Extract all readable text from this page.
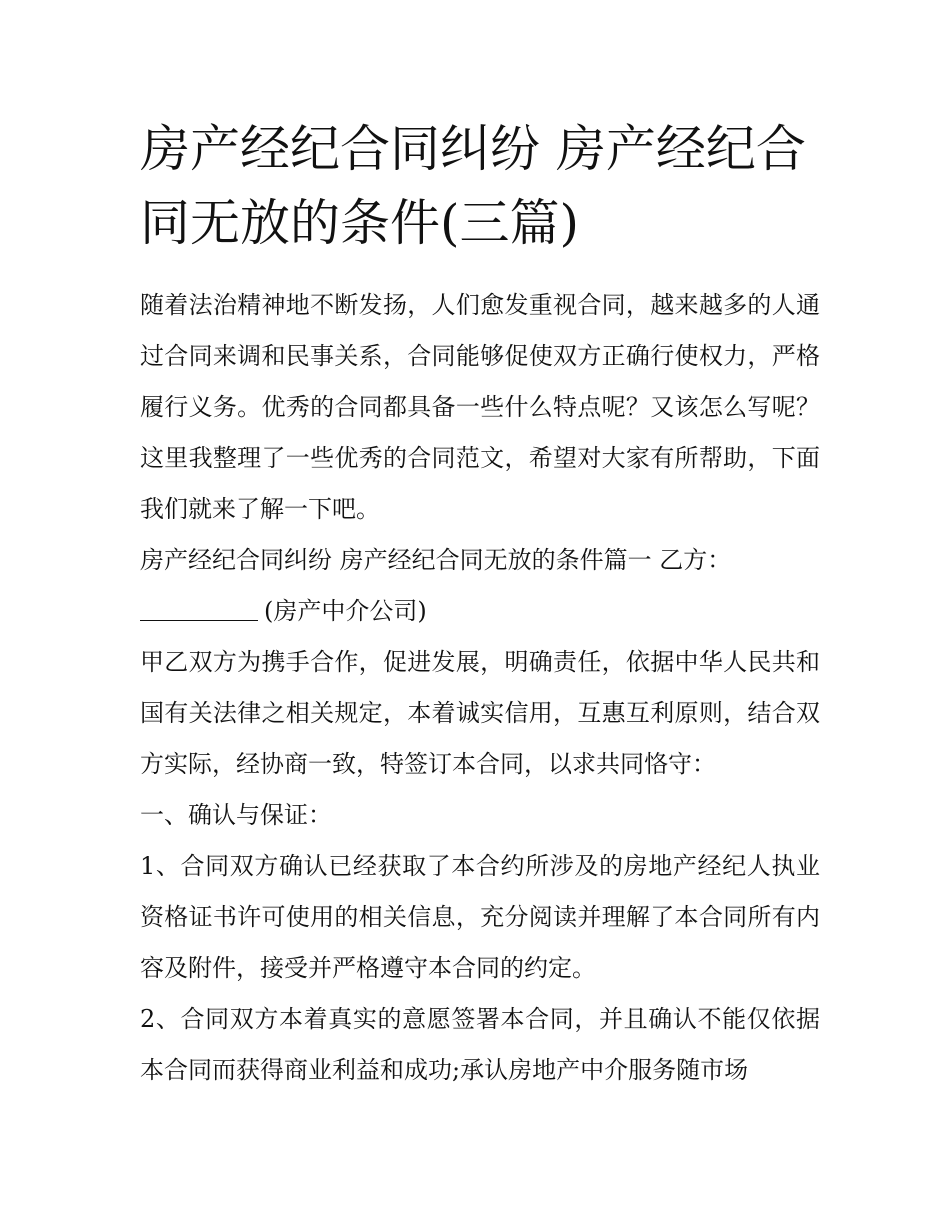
房产经纪合同纠纷 房产经纪合同无放的条件(三篇)

随着法治精神地不断发扬，人们愈发重视合同，越来越多的人通过合同来调和民事关系，合同能够促使双方正确行使权力，严格履行义务。优秀的合同都具备一些什么特点呢？又该怎么写呢？这里我整理了一些优秀的合同范文，希望对大家有所帮助，下面我们就来了解一下吧。

房产经纪合同纠纷 房产经纪合同无放的条件篇一 乙方：

(房产中介公司)

甲乙双方为携手合作，促进发展，明确责任，依据中华人民共和国有关法律之相关规定，本着诚实信用，互惠互利原则，结合双方实际，经协商一致，特签订本合同，以求共同恪守：

一、确认与保证：

1、合同双方确认已经获取了本合约所涉及的房地产经纪人执业资格证书许可使用的相关信息，充分阅读并理解了本合同所有内容及附件，接受并严格遵守本合同的约定。

2、合同双方本着真实的意愿签署本合同，并且确认不能仅依据本合同而获得商业利益和成功;承认房地产中介服务随市场
